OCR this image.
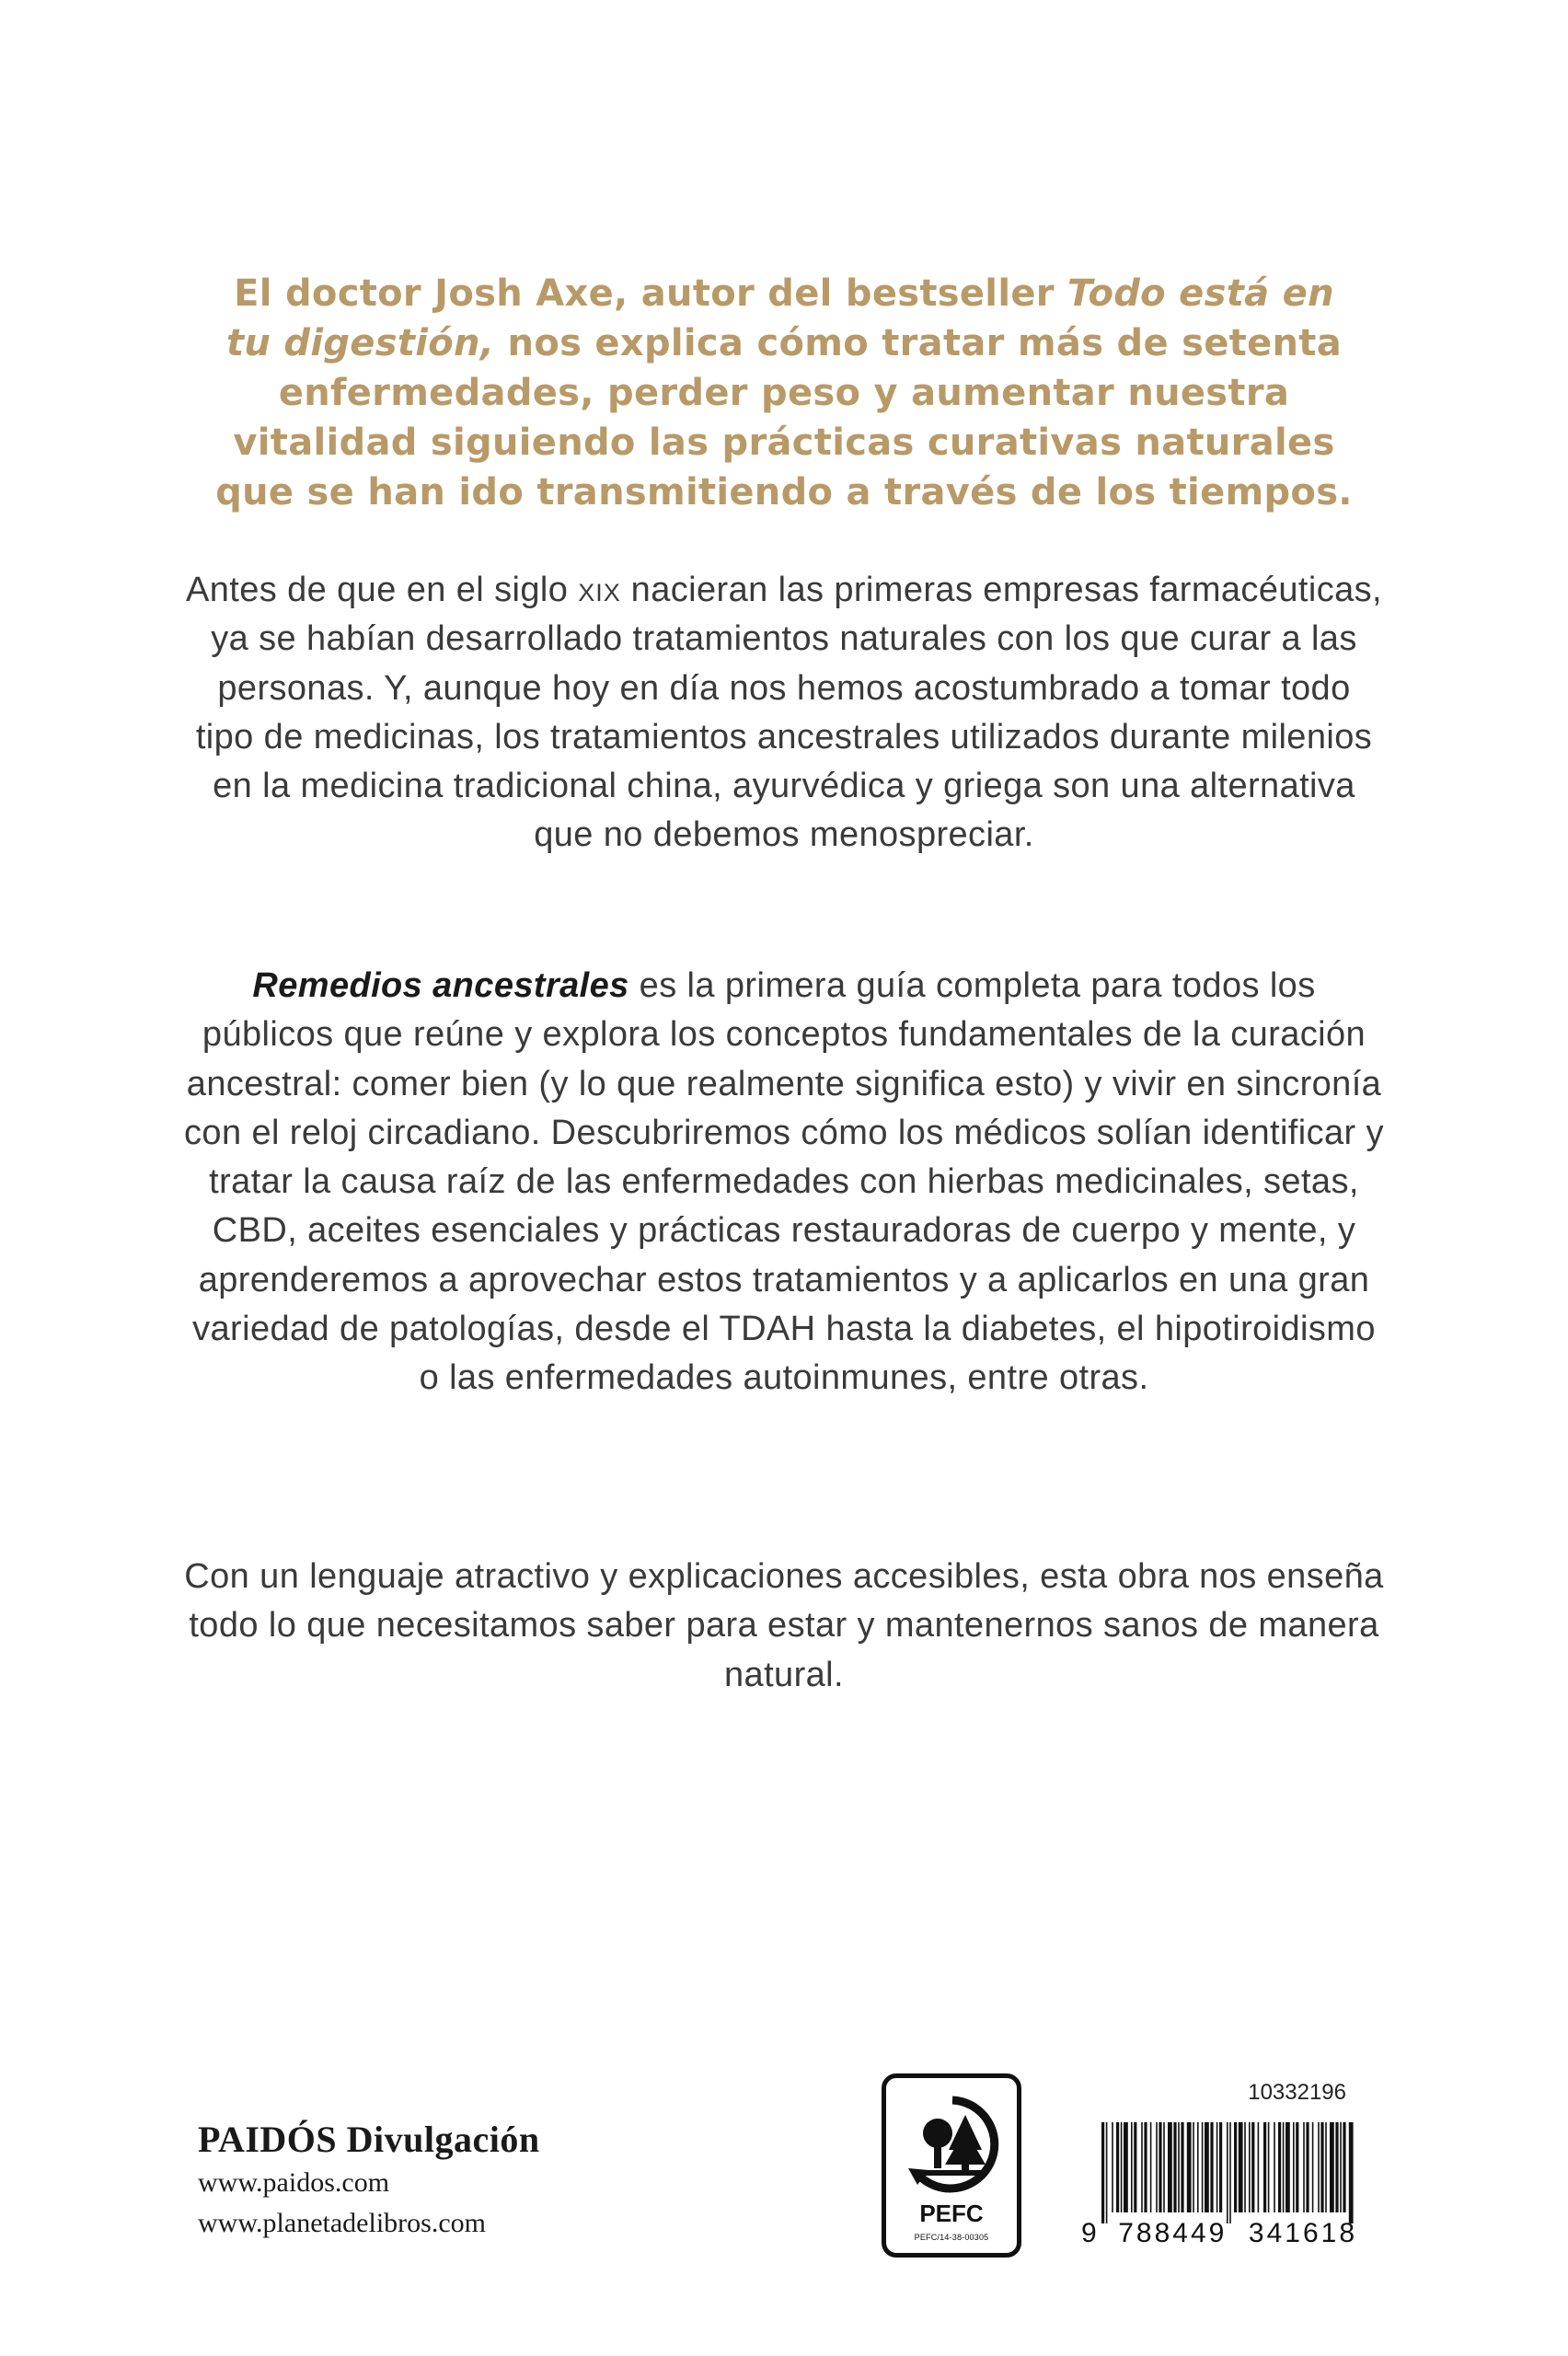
El doctor Josh Axe, autor del bestseller Todo está en tu digestión, nos explica cómo tratar más de setenta enfermedades, perder peso y aumentar nuestra vitalidad siguiendo las prácticas curativas naturales que se han ido transmitiendo a través de los tiempos.

Antes de que en el siglo xix nacieran las primeras empresas farmacéuticas, ya se habían desarrollado tratamientos naturales con los que curar a las personas. Y, aunque hoy en día nos hemos acostumbrado a tomar todo tipo de medicinas, los tratamientos ancestrales utilizados durante milenios en la medicina tradicional china, ayurvédica y griega son una alternativa que no debemos menospreciar.

Remedios ancestrales es la primera guía completa para todos los públicos que reúne y explora los conceptos fundamentales de la curación ancestral: comer bien (y lo que realmente significa esto) y vivir en sincronía con el reloj circadiano. Descubriremos cómo los médicos solían identificar y tratar la causa raíz de las enfermedades con hierbas medicinales, setas, CBD, aceites esenciales y prácticas restauradoras de cuerpo y mente, y aprenderemos a aprovechar estos tratamientos y a aplicarlos en una gran variedad de patologías, desde el TDAH hasta la diabetes, el hipotiroidismo o las enfermedades autoinmunes, entre otras.

Con un lenguaje atractivo y explicaciones accesibles, esta obra nos enseña todo lo que necesitamos saber para estar y mantenernos sanos de manera natural.

PAIDÓS Divulgación
www.paidos.com
www.planetadelibros.com	PEFC
PEFC/14-38-00305
10332196
9 788449 341618
